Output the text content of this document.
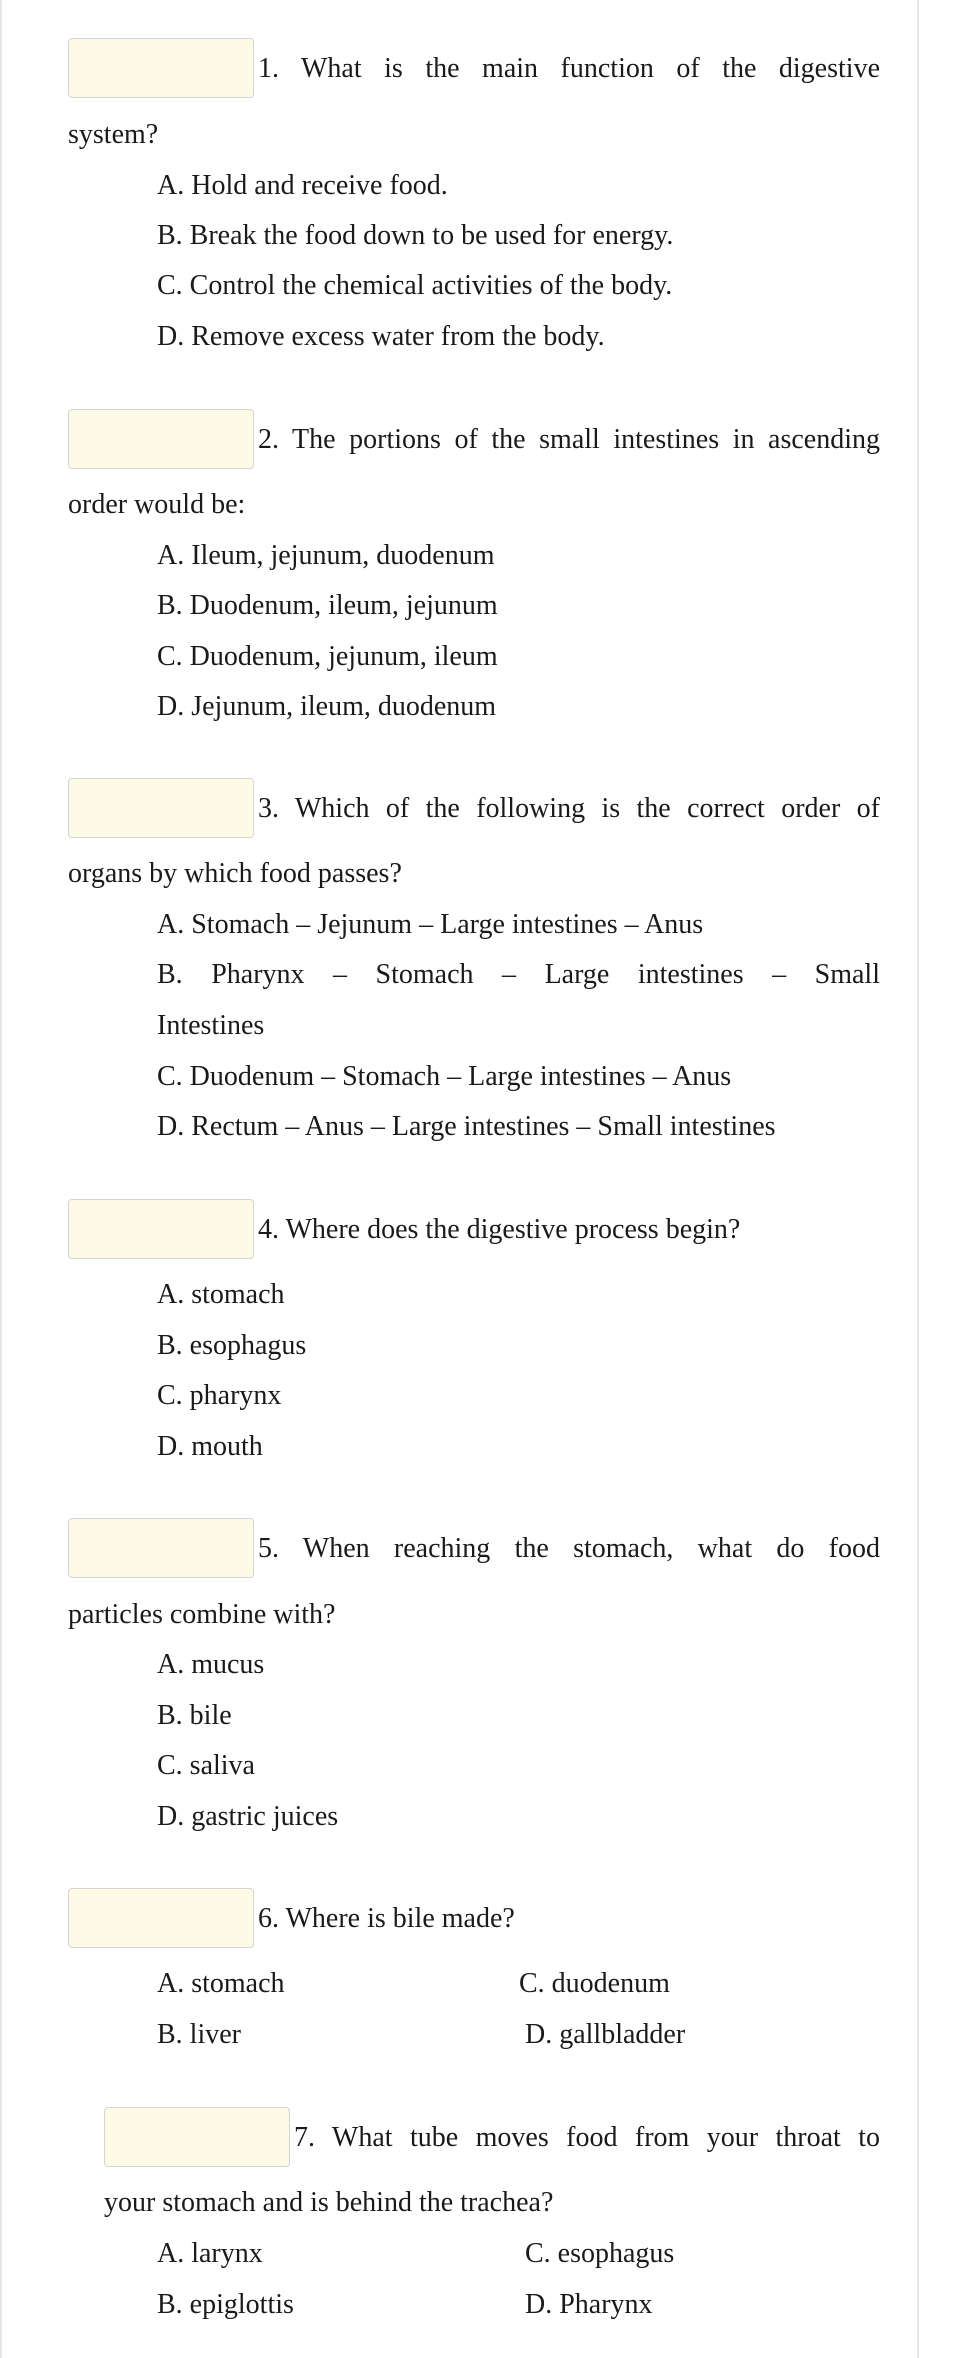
1. What is the main function of the digestive
system?
A. Hold and receive food.
B. Break the food down to be used for energy.
C. Control the chemical activities of the body.
D. Remove excess water from the body.
2. The portions of the small intestines in ascending
order would be:
A. Ileum, jejunum, duodenum
B. Duodenum, ileum, jejunum
C. Duodenum, jejunum, ileum
D. Jejunum, ileum, duodenum
3. Which of the following is the correct order of
organs by which food passes?
A. Stomach – Jejunum – Large intestines – Anus
B. Pharynx – Stomach – Large intestines – Small
Intestines
C. Duodenum – Stomach – Large intestines – Anus
D. Rectum – Anus – Large intestines – Small intestines
4. Where does the digestive process begin?
A. stomach
B. esophagus
C. pharynx
D. mouth
5. When reaching the stomach, what do food
particles combine with?
A. mucus
B. bile
C. saliva
D. gastric juices
6. Where is bile made?
A. stomach	C. duodenum
B. liver	D. gallbladder
7. What tube moves food from your throat to
your stomach and is behind the trachea?
A. larynx	C. esophagus
B. epiglottis	D. Pharynx
